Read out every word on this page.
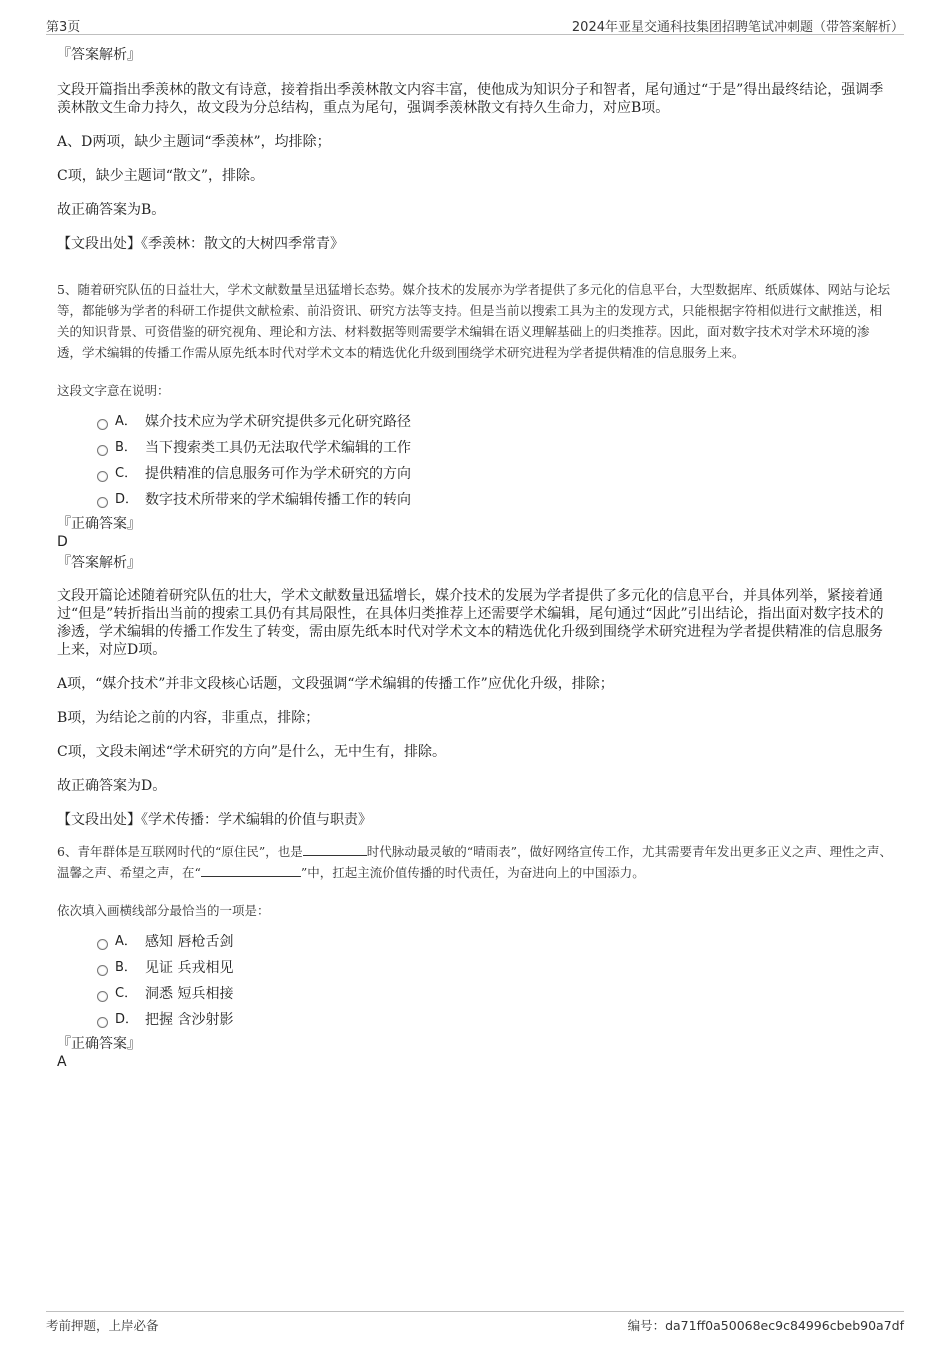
第3页	2024年亚星交通科技集团招聘笔试冲刺题（带答案解析）

『答案解析』

文段开篇指出季羡林的散文有诗意，接着指出季羡林散文内容丰富，使他成为知识分子和智者，尾句通过“于是”得出最终结论，强调季羡林散文生命力持久，故文段为分总结构，重点为尾句，强调季羡林散文有持久生命力，对应B项。

A、D两项，缺少主题词“季羡林”，均排除；

C项，缺少主题词“散文”，排除。

故正确答案为B。

【文段出处】《季羡林：散文的大树四季常青》

5、随着研究队伍的日益壮大，学术文献数量呈迅猛增长态势。媒介技术的发展亦为学者提供了多元化的信息平台，大型数据库、纸质媒体、网站与论坛等，都能够为学者的科研工作提供文献检索、前沿资讯、研究方法等支持。但是当前以搜索工具为主的发现方式，只能根据字符相似进行文献推送，相关的知识背景、可资借鉴的研究视角、理论和方法、材料数据等则需要学术编辑在语义理解基础上的归类推荐。因此，面对数字技术对学术环境的渗透，学术编辑的传播工作需从原先纸本时代对学术文本的精选优化升级到围绕学术研究进程为学者提供精准的信息服务上来。

这段文字意在说明：

A． 媒介技术应为学术研究提供多元化研究路径
B． 当下搜索类工具仍无法取代学术编辑的工作
C． 提供精准的信息服务可作为学术研究的方向
D． 数字技术所带来的学术编辑传播工作的转向

『正确答案』

D

『答案解析』

文段开篇论述随着研究队伍的壮大，学术文献数量迅猛增长，媒介技术的发展为学者提供了多元化的信息平台，并具体列举，紧接着通过“但是”转折指出当前的搜索工具仍有其局限性，在具体归类推荐上还需要学术编辑，尾句通过“因此”引出结论，指出面对数字技术的渗透，学术编辑的传播工作发生了转变，需由原先纸本时代对学术文本的精选优化升级到围绕学术研究进程为学者提供精准的信息服务上来，对应D项。

A项，“媒介技术”并非文段核心话题，文段强调“学术编辑的传播工作”应优化升级，排除；

B项，为结论之前的内容，非重点，排除；

C项，文段未阐述“学术研究的方向”是什么，无中生有，排除。

故正确答案为D。

【文段出处】《学术传播：学术编辑的价值与职责》

6、青年群体是互联网时代的“原住民”，也是	时代脉动最灵敏的“晴雨表”，做好网络宣传工作，尤其需要青年发出更多正义之声、理性之声、温馨之声、希望之声，在“	”中，扛起主流价值传播的时代责任，为奋进向上的中国添力。

依次填入画横线部分最恰当的一项是：

A． 感知 唇枪舌剑
B． 见证 兵戎相见
C． 洞悉 短兵相接
D． 把握 含沙射影

『正确答案』

A

考前押题，上岸必备	编号：da71ff0a50068ec9c84996cbeb90a7df
